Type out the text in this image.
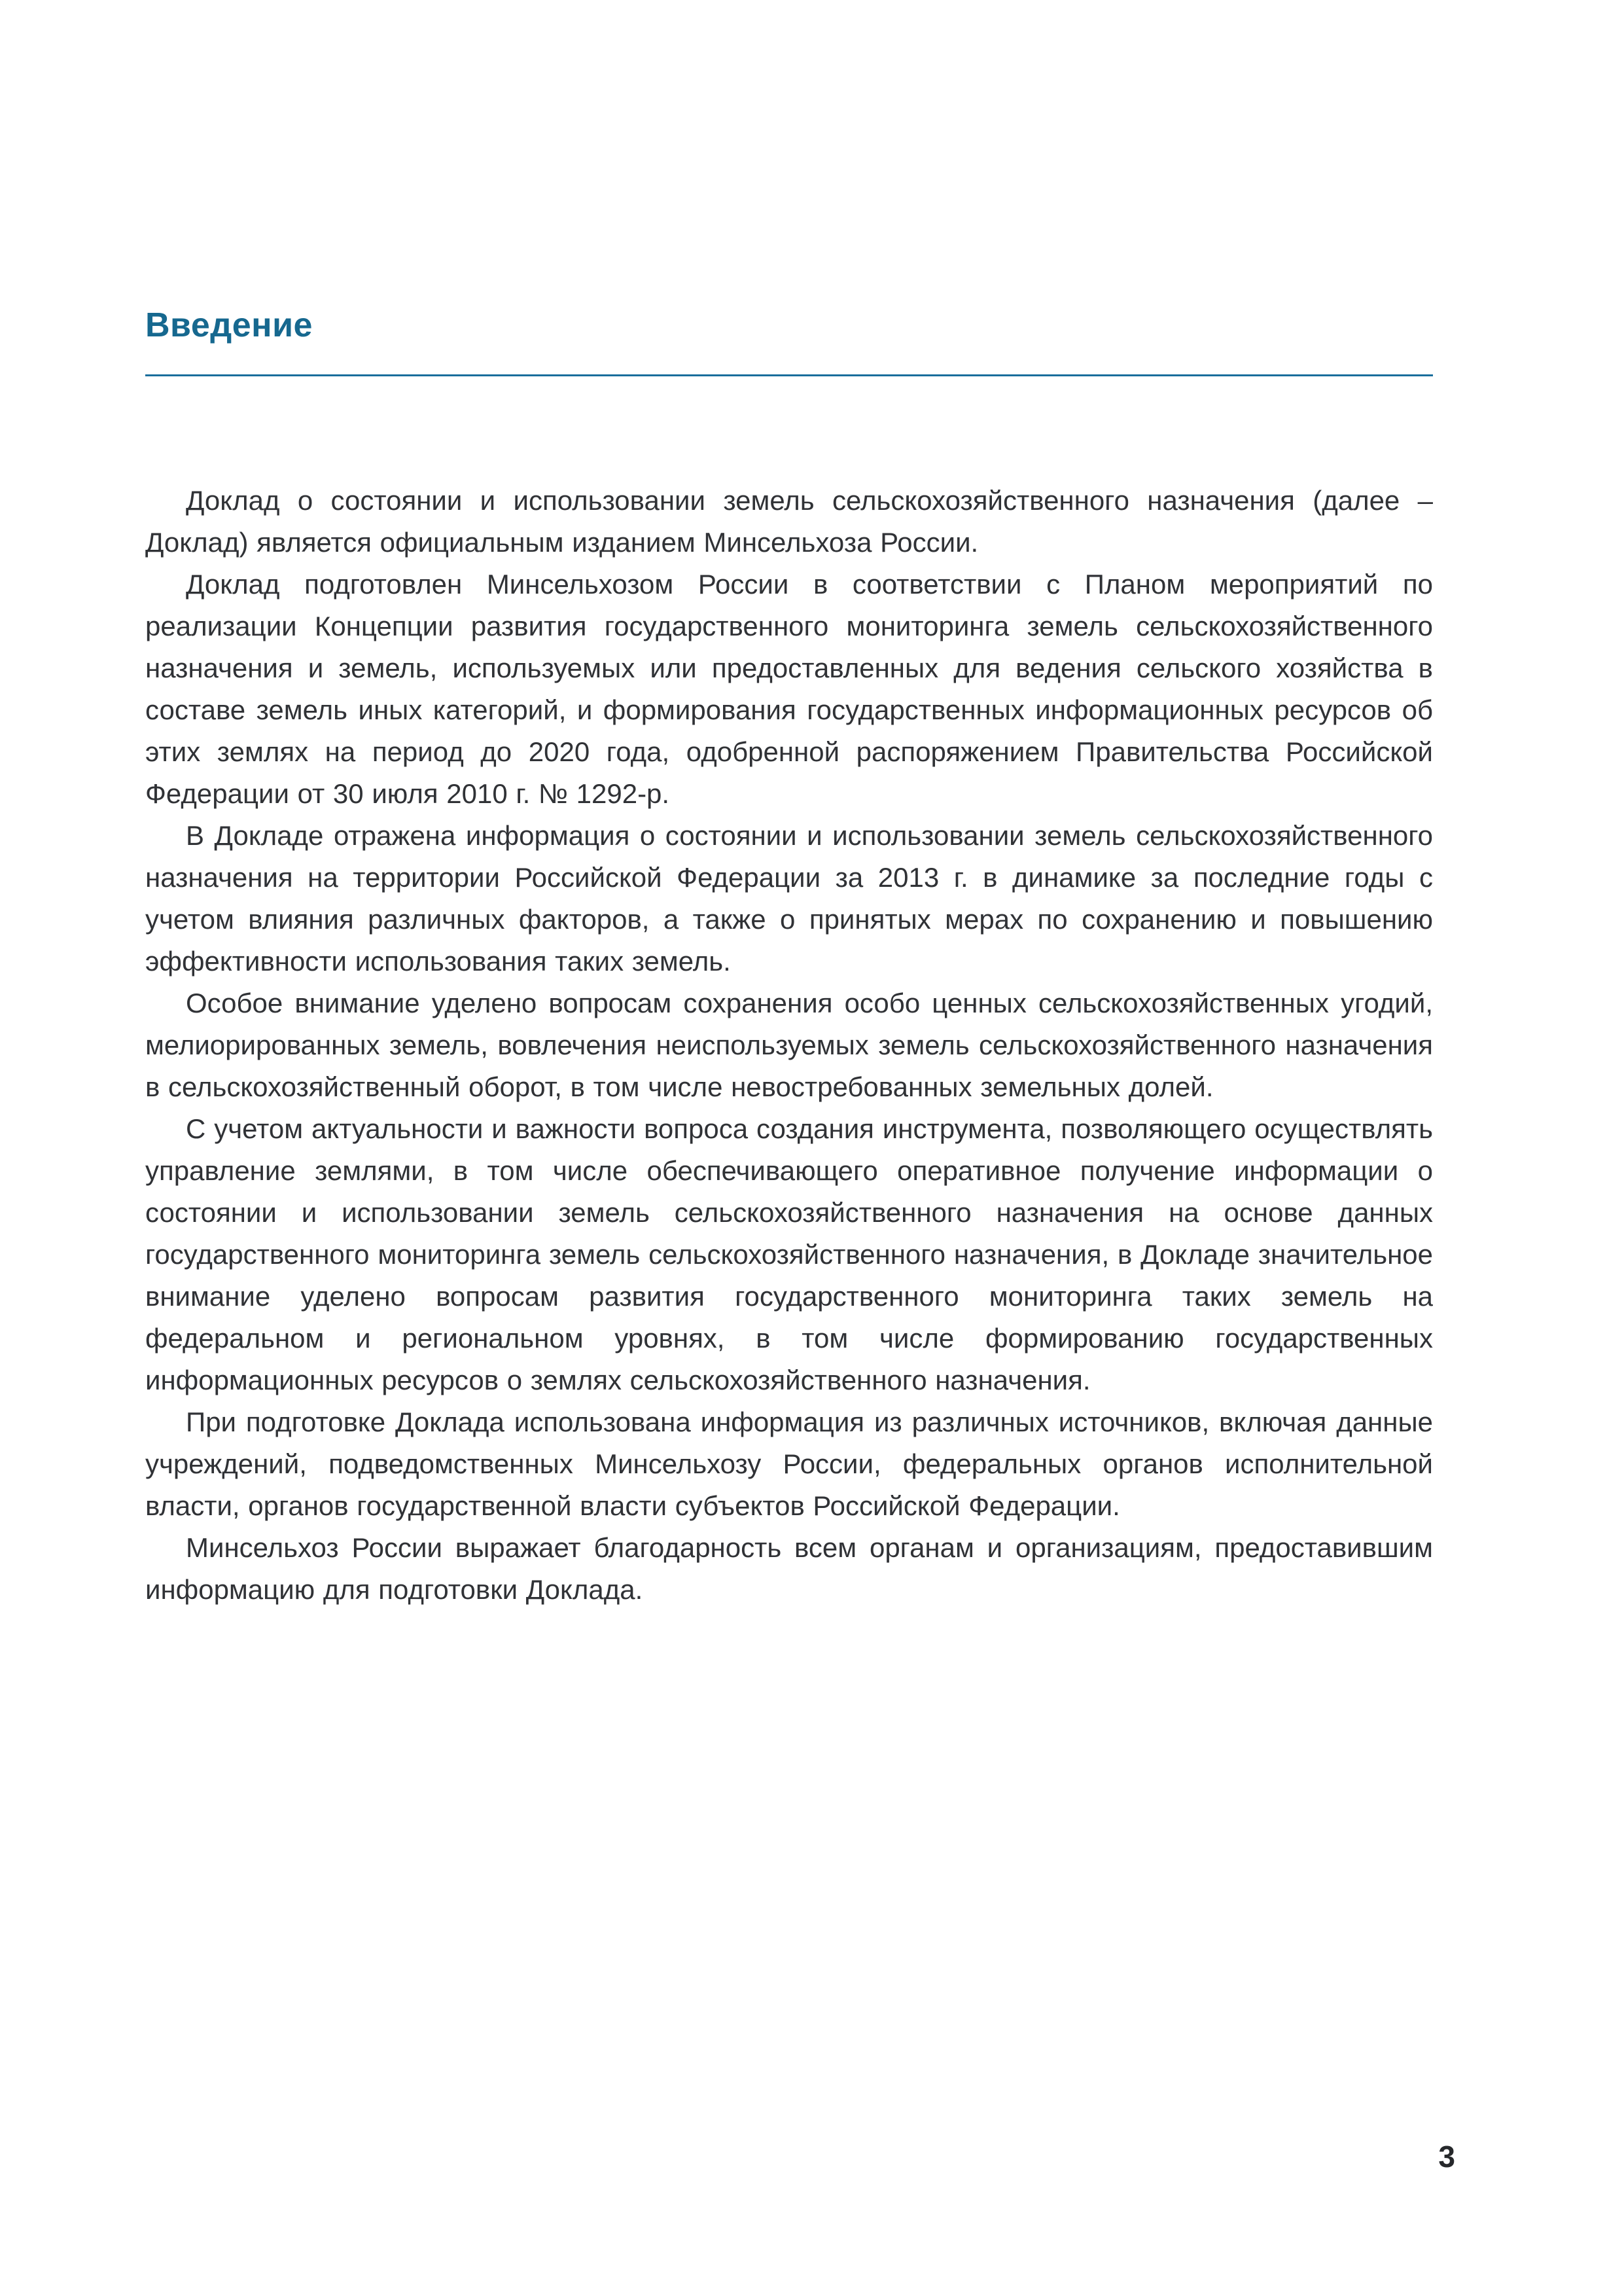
Введение

Доклад о состоянии и использовании земель сельскохозяйственного назначения (далее – Доклад) является официальным изданием Минсельхоза России.

Доклад подготовлен Минсельхозом России в соответствии с Планом мероприятий по реализации Концепции развития государственного мониторинга земель сельскохозяйственного назначения и земель, используемых или предоставленных для ведения сельского хозяйства в составе земель иных категорий, и формирования государственных информационных ресурсов об этих землях на период до 2020 года, одобренной распоряжением Правительства Российской Федерации от 30 июля 2010 г. № 1292-р.

В Докладе отражена информация о состоянии и использовании земель сельскохозяйственного назначения на территории Российской Федерации за 2013 г. в динамике за последние годы с учетом влияния различных факторов, а также о принятых мерах по сохранению и повышению эффективности использования таких земель.

Особое внимание уделено вопросам сохранения особо ценных сельскохозяйственных угодий, мелиорированных земель, вовлечения неиспользуемых земель сельскохозяйственного назначения в сельскохозяйственный оборот, в том числе невостребованных земельных долей.

С учетом актуальности и важности вопроса создания инструмента, позволяющего осуществлять управление землями, в том числе обеспечивающего оперативное получение информации о состоянии и использовании земель сельскохозяйственного назначения на основе данных государственного мониторинга земель сельскохозяйственного назначения, в Докладе значительное внимание уделено вопросам развития государственного мониторинга таких земель на федеральном и региональном уровнях, в том числе формированию государственных информационных ресурсов о землях сельскохозяйственного назначения.

При подготовке Доклада использована информация из различных источников, включая данные учреждений, подведомственных Минсельхозу России, федеральных органов исполнительной власти, органов государственной власти субъектов Российской Федерации.

Минсельхоз России выражает благодарность всем органам и организациям, предоставившим информацию для подготовки Доклада.

3
